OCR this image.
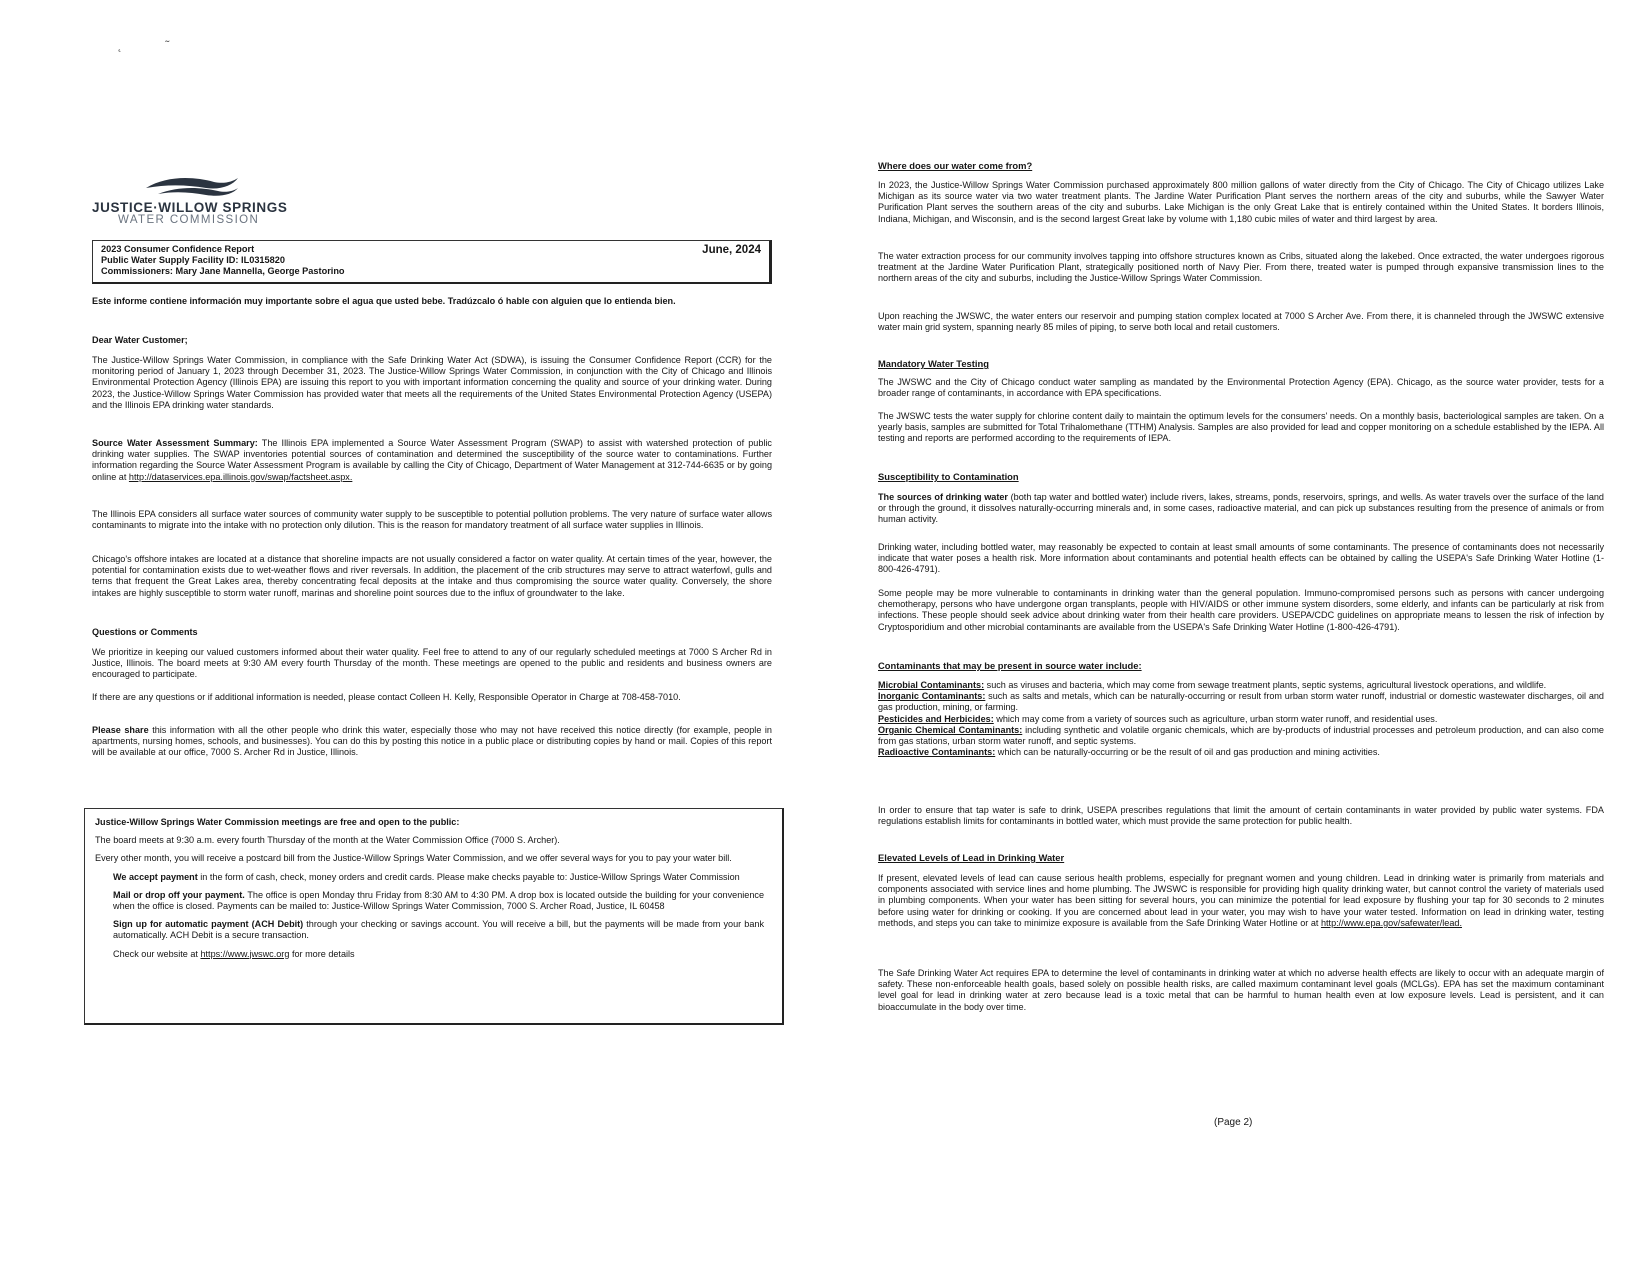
˛ ˜
JUSTICE·WILLOW SPRINGS
WATER COMMISSION
2023 Consumer Confidence Report
Public Water Supply Facility ID: IL0315820
Commissioners: Mary Jane Mannella, George Pastorino
June, 2024

Este informe contiene información muy importante sobre el agua que usted bebe. Tradúzcalo ó hable con alguien que lo entienda bien.

Dear Water Customer;

The Justice-Willow Springs Water Commission, in compliance with the Safe Drinking Water Act (SDWA), is issuing the Consumer Confidence Report (CCR) for the monitoring period of January 1, 2023 through December 31, 2023. The Justice-Willow Springs Water Commission, in conjunction with the City of Chicago and Illinois Environmental Protection Agency (Illinois EPA) are issuing this report to you with important information concerning the quality and source of your drinking water. During 2023, the Justice-Willow Springs Water Commission has provided water that meets all the requirements of the United States Environmental Protection Agency (USEPA) and the Illinois EPA drinking water standards.

Source Water Assessment Summary: The Illinois EPA implemented a Source Water Assessment Program (SWAP) to assist with watershed protection of public drinking water supplies. The SWAP inventories potential sources of contamination and determined the susceptibility of the source water to contaminations. Further information regarding the Source Water Assessment Program is available by calling the City of Chicago, Department of Water Management at 312-744-6635 or by going online at http://dataservices.epa.illinois.gov/swap/factsheet.aspx.

The Illinois EPA considers all surface water sources of community water supply to be susceptible to potential pollution problems. The very nature of surface water allows contaminants to migrate into the intake with no protection only dilution. This is the reason for mandatory treatment of all surface water supplies in Illinois.

Chicago's offshore intakes are located at a distance that shoreline impacts are not usually considered a factor on water quality. At certain times of the year, however, the potential for contamination exists due to wet-weather flows and river reversals. In addition, the placement of the crib structures may serve to attract waterfowl, gulls and terns that frequent the Great Lakes area, thereby concentrating fecal deposits at the intake and thus compromising the source water quality. Conversely, the shore intakes are highly susceptible to storm water runoff, marinas and shoreline point sources due to the influx of groundwater to the lake.

Questions or Comments

We prioritize in keeping our valued customers informed about their water quality. Feel free to attend to any of our regularly scheduled meetings at 7000 S Archer Rd in Justice, Illinois. The board meets at 9:30 AM every fourth Thursday of the month. These meetings are opened to the public and residents and business owners are encouraged to participate.

If there are any questions or if additional information is needed, please contact Colleen H. Kelly, Responsible Operator in Charge at 708-458-7010.

Please share this information with all the other people who drink this water, especially those who may not have received this notice directly (for example, people in apartments, nursing homes, schools, and businesses). You can do this by posting this notice in a public place or distributing copies by hand or mail. Copies of this report will be available at our office, 7000 S. Archer Rd in Justice, Illinois.

Justice-Willow Springs Water Commission meetings are free and open to the public:

The board meets at 9:30 a.m. every fourth Thursday of the month at the Water Commission Office (7000 S. Archer).

Every other month, you will receive a postcard bill from the Justice-Willow Springs Water Commission, and we offer several ways for you to pay your water bill.

We accept payment in the form of cash, check, money orders and credit cards. Please make checks payable to: Justice-Willow Springs Water Commission

Mail or drop off your payment. The office is open Monday thru Friday from 8:30 AM to 4:30 PM. A drop box is located outside the building for your convenience when the office is closed. Payments can be mailed to: Justice-Willow Springs Water Commission, 7000 S. Archer Road, Justice, IL 60458

Sign up for automatic payment (ACH Debit) through your checking or savings account. You will receive a bill, but the payments will be made from your bank automatically. ACH Debit is a secure transaction.

Check our website at https://www.jwswc.org for more details

Where does our water come from?

In 2023, the Justice-Willow Springs Water Commission purchased approximately 800 million gallons of water directly from the City of Chicago. The City of Chicago utilizes Lake Michigan as its source water via two water treatment plants. The Jardine Water Purification Plant serves the northern areas of the city and suburbs, while the Sawyer Water Purification Plant serves the southern areas of the city and suburbs. Lake Michigan is the only Great Lake that is entirely contained within the United States. It borders Illinois, Indiana, Michigan, and Wisconsin, and is the second largest Great lake by volume with 1,180 cubic miles of water and third largest by area.

The water extraction process for our community involves tapping into offshore structures known as Cribs, situated along the lakebed. Once extracted, the water undergoes rigorous treatment at the Jardine Water Purification Plant, strategically positioned north of Navy Pier. From there, treated water is pumped through expansive transmission lines to the northern areas of the city and suburbs, including the Justice-Willow Springs Water Commission.

Upon reaching the JWSWC, the water enters our reservoir and pumping station complex located at 7000 S Archer Ave. From there, it is channeled through the JWSWC extensive water main grid system, spanning nearly 85 miles of piping, to serve both local and retail customers.

Mandatory Water Testing

The JWSWC and the City of Chicago conduct water sampling as mandated by the Environmental Protection Agency (EPA). Chicago, as the source water provider, tests for a broader range of contaminants, in accordance with EPA specifications.

The JWSWC tests the water supply for chlorine content daily to maintain the optimum levels for the consumers' needs. On a monthly basis, bacteriological samples are taken. On a yearly basis, samples are submitted for Total Trihalomethane (TTHM) Analysis. Samples are also provided for lead and copper monitoring on a schedule established by the IEPA. All testing and reports are performed according to the requirements of IEPA.

Susceptibility to Contamination

The sources of drinking water (both tap water and bottled water) include rivers, lakes, streams, ponds, reservoirs, springs, and wells. As water travels over the surface of the land or through the ground, it dissolves naturally-occurring minerals and, in some cases, radioactive material, and can pick up substances resulting from the presence of animals or from human activity.

Drinking water, including bottled water, may reasonably be expected to contain at least small amounts of some contaminants. The presence of contaminants does not necessarily indicate that water poses a health risk. More information about contaminants and potential health effects can be obtained by calling the USEPA's Safe Drinking Water Hotline (1-800-426-4791).

Some people may be more vulnerable to contaminants in drinking water than the general population. Immuno-compromised persons such as persons with cancer undergoing chemotherapy, persons who have undergone organ transplants, people with HIV/AIDS or other immune system disorders, some elderly, and infants can be particularly at risk from infections. These people should seek advice about drinking water from their health care providers. USEPA/CDC guidelines on appropriate means to lessen the risk of infection by Cryptosporidium and other microbial contaminants are available from the USEPA's Safe Drinking Water Hotline (1-800-426-4791).

Contaminants that may be present in source water include:

Microbial Contaminants: such as viruses and bacteria, which may come from sewage treatment plants, septic systems, agricultural livestock operations, and wildlife.

Inorganic Contaminants: such as salts and metals, which can be naturally-occurring or result from urban storm water runoff, industrial or domestic wastewater discharges, oil and gas production, mining, or farming.

Pesticides and Herbicides: which may come from a variety of sources such as agriculture, urban storm water runoff, and residential uses.

Organic Chemical Contaminants: including synthetic and volatile organic chemicals, which are by-products of industrial processes and petroleum production, and can also come from gas stations, urban storm water runoff, and septic systems.

Radioactive Contaminants: which can be naturally-occurring or be the result of oil and gas production and mining activities.

In order to ensure that tap water is safe to drink, USEPA prescribes regulations that limit the amount of certain contaminants in water provided by public water systems. FDA regulations establish limits for contaminants in bottled water, which must provide the same protection for public health.

Elevated Levels of Lead in Drinking Water

If present, elevated levels of lead can cause serious health problems, especially for pregnant women and young children. Lead in drinking water is primarily from materials and components associated with service lines and home plumbing. The JWSWC is responsible for providing high quality drinking water, but cannot control the variety of materials used in plumbing components. When your water has been sitting for several hours, you can minimize the potential for lead exposure by flushing your tap for 30 seconds to 2 minutes before using water for drinking or cooking. If you are concerned about lead in your water, you may wish to have your water tested. Information on lead in drinking water, testing methods, and steps you can take to minimize exposure is available from the Safe Drinking Water Hotline or at http://www.epa.gov/safewater/lead.

The Safe Drinking Water Act requires EPA to determine the level of contaminants in drinking water at which no adverse health effects are likely to occur with an adequate margin of safety. These non-enforceable health goals, based solely on possible health risks, are called maximum contaminant level goals (MCLGs). EPA has set the maximum contaminant level goal for lead in drinking water at zero because lead is a toxic metal that can be harmful to human health even at low exposure levels. Lead is persistent, and it can bioaccumulate in the body over time.

(Page 2)
